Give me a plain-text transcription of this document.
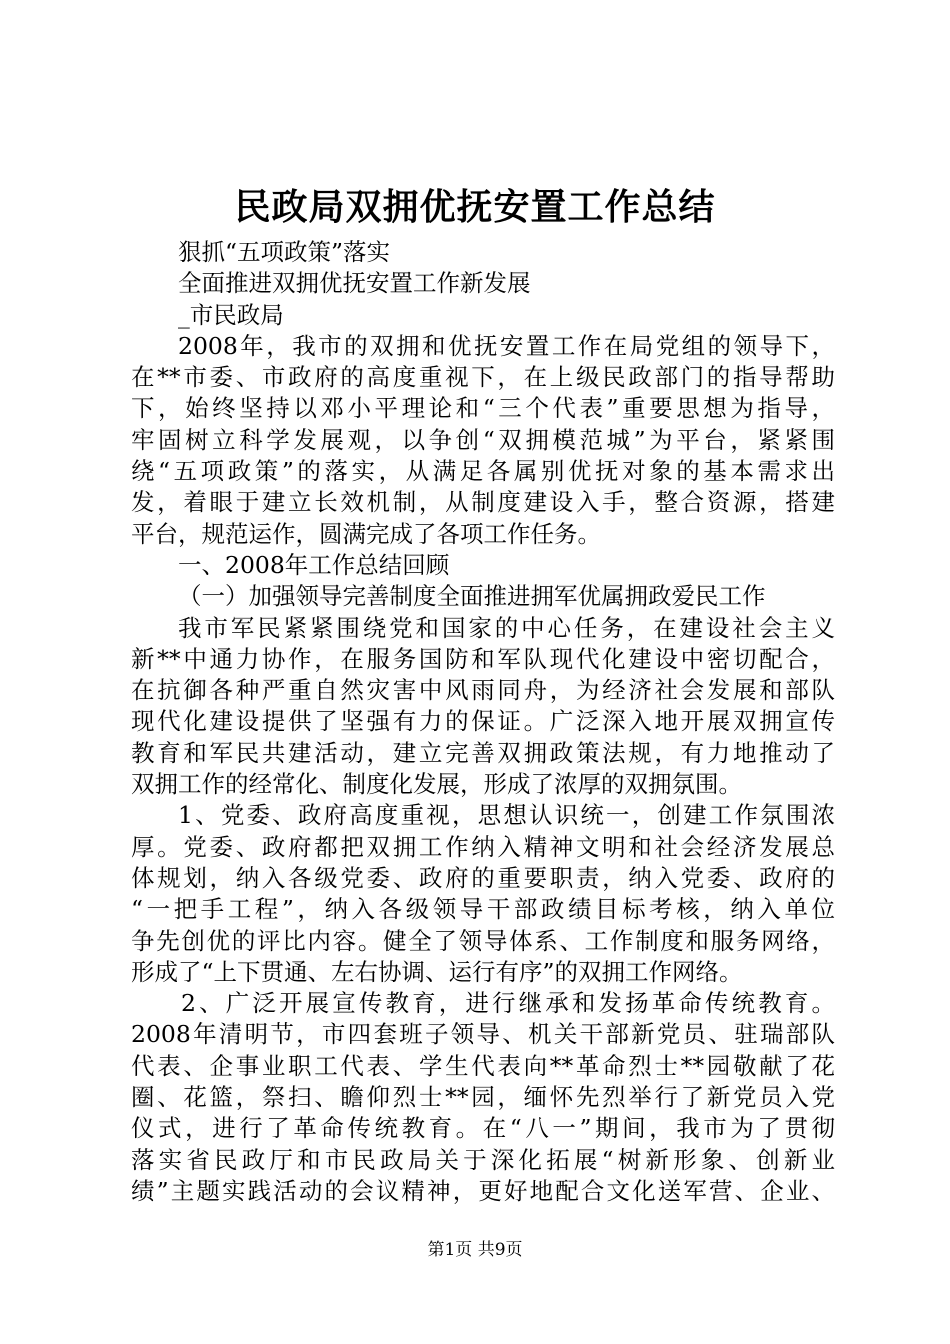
民政局双拥优抚安置工作总结
狠抓“五项政策”落实
全面推进双拥优抚安置工作新发展
_市民政局
2008年，我市的双拥和优抚安置工作在局党组的领导下，
在**市委、市政府的高度重视下，在上级民政部门的指导帮助
下，始终坚持以邓小平理论和“三个代表”重要思想为指导，
牢固树立科学发展观，以争创“双拥模范城”为平台，紧紧围
绕“五项政策”的落实，从满足各属别优抚对象的基本需求出
发，着眼于建立长效机制，从制度建设入手，整合资源，搭建
平台，规范运作，圆满完成了各项工作任务。
一、2008年工作总结回顾
（一）加强领导完善制度全面推进拥军优属拥政爱民工作
我市军民紧紧围绕党和国家的中心任务，在建设社会主义
新**中通力协作，在服务国防和军队现代化建设中密切配合，
在抗御各种严重自然灾害中风雨同舟，为经济社会发展和部队
现代化建设提供了坚强有力的保证。广泛深入地开展双拥宣传
教育和军民共建活动，建立完善双拥政策法规，有力地推动了
双拥工作的经常化、制度化发展，形成了浓厚的双拥氛围。
1、党委、政府高度重视，思想认识统一，创建工作氛围浓
厚。党委、政府都把双拥工作纳入精神文明和社会经济发展总
体规划，纳入各级党委、政府的重要职责，纳入党委、政府的
“一把手工程”，纳入各级领导干部政绩目标考核，纳入单位
争先创优的评比内容。健全了领导体系、工作制度和服务网络，
形成了“上下贯通、左右协调、运行有序”的双拥工作网络。
2、广泛开展宣传教育，进行继承和发扬革命传统教育。
2008年清明节，市四套班子领导、机关干部新党员、驻瑞部队
代表、企事业职工代表、学生代表向**革命烈士**园敬献了花
圈、花篮，祭扫、瞻仰烈士**园，缅怀先烈举行了新党员入党
仪式，进行了革命传统教育。在“八一”期间，我市为了贯彻
落实省民政厅和市民政局关于深化拓展“树新形象、创新业
绩”主题实践活动的会议精神，更好地配合文化送军营、企业、
第1页 共9页
